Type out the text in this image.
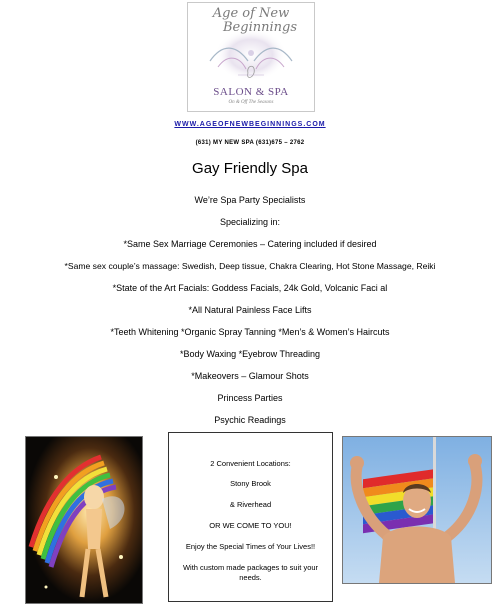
Age of New
Beginnings
SALON & SPA
On & Off The Seasons
WWW.AGEOFNEWBEGINNINGS.COM
(631) MY NEW SPA (631)675 – 2762
Gay Friendly Spa
We’re Spa Party Specialists
Specializing in:
*Same Sex Marriage Ceremonies – Catering included if desired
*Same sex couple’s massage: Swedish, Deep tissue, Chakra Clearing, Hot Stone Massage, Reiki
*State of the Art Facials: Goddess Facials, 24k Gold, Volcanic Faci al
*All Natural Painless Face Lifts
*Teeth Whitening *Organic Spray Tanning *Men’s & Women’s Haircuts
*Body Waxing *Eyebrow Threading
*Makeovers – Glamour Shots
Princess Parties
Psychic Readings
2 Convenient Locations:
Stony Brook
& Riverhead
OR WE COME TO YOU!
Enjoy the Special Times of Your Lives!!
With custom made packages to suit your
needs.
